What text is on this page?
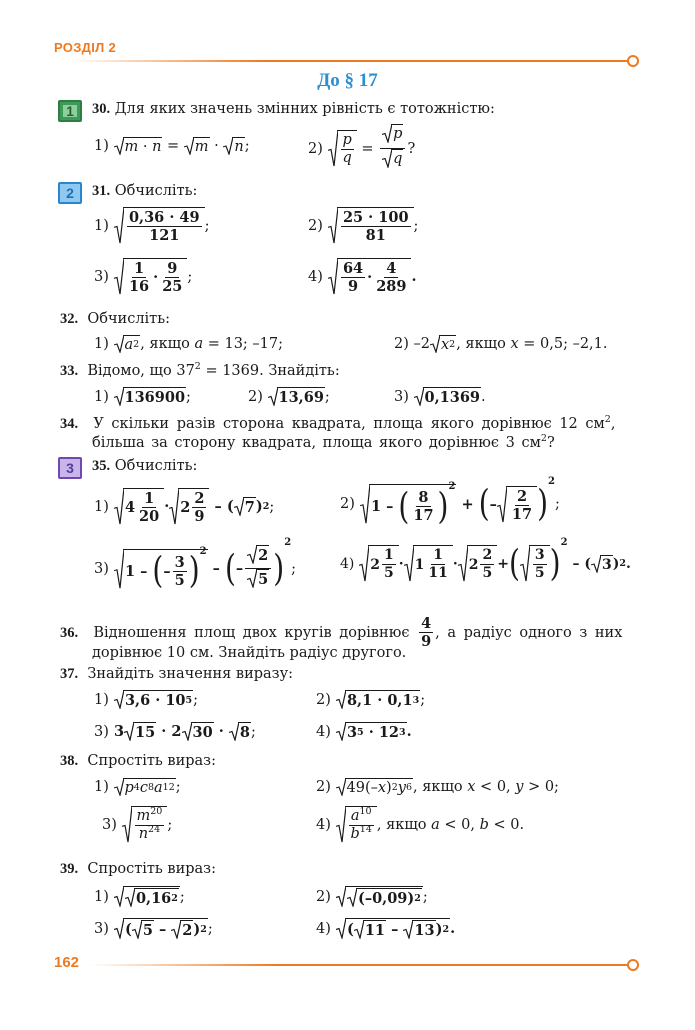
РОЗДІЛ 2
До § 17
1	30. Для яких значень змінних рівність є тотожністю:
1)
m
·
n
=
m
·
n ;	2)
$\frac{p}{q}$
=
$\frac{p}{q}$ ?
2	31. Обчисліть:
1)
$\frac{0,36 \cdot 49}{121}$ ;	2)
$\frac{25 \cdot 100}{81}$ ;
3)
$\frac{1}{16} \cdot \frac{9}{25}$ ;	4)
$\frac{64}{9} \cdot \frac{4}{289}$ .
32. Обчисліть:
1)
a 2 , якщо a = 13; –17;	2)
–2 x 2 , якщо x = 0,5; –2,1.
33. Відомо, що $37^2 = 1369$. Знайдіть:
1)
136900 ;	2)
13,69 ;	3)
0,1369 .
34. У скільки разів сторона квадрата, площа якого дорівнює 12 $см^2$,
більша за сторону квадрата, площа якого дорівнює 3 $см^2$?
3	35. Обчисліть:
1)
$4 \frac{1}{20} \cdot 2 \frac{2}{9}$
–
( 7 ) 2 ;	2)
1
–
( $\frac{8}{17}$ ) 2

+
( – $\frac{2}{17}$ )
2
;
3)
1
–
( – $\frac{3}{5}$ ) 2

–
( – $\frac{2}{5}$ )
2
;	4)
$2 \frac{1}{5} \cdot 1 \frac{1}{11} \cdot 2 \frac{2}{5}$ + ( $\frac{3}{5}$ ) 2

–
( 3 ) 2 .
36.
Відношення площ двох кругів дорівнює
$\frac{4}{9}$ , а радіус одного з них
дорівнює 10 см. Знайдіть радіус другого.
37. Знайдіть значення виразу:
1)
3,6 · 10 5 ;	2)
8,1 · 0,1 3 ;
3)
3 15
·
2 30
·
8 ;	4)
3 5 · 12 3 .
38. Спростіть вираз:
1)
p 4 c 8 a 12 ;	2)
49(– x ) 2 y 6 , якщо x < 0, y > 0;
3)
$\frac{m^{20}}{n^{24}}$ ;	4)
$\frac{a^{10}}{b^{14}}$ , якщо a < 0, b < 0.
39. Спростіть вираз:
1)
0,16 2 ;	2)
(–0,09) 2 ;
3)
( 5
–
2 ) 2 ;	4)
( 11
–
13 ) 2 .
162
